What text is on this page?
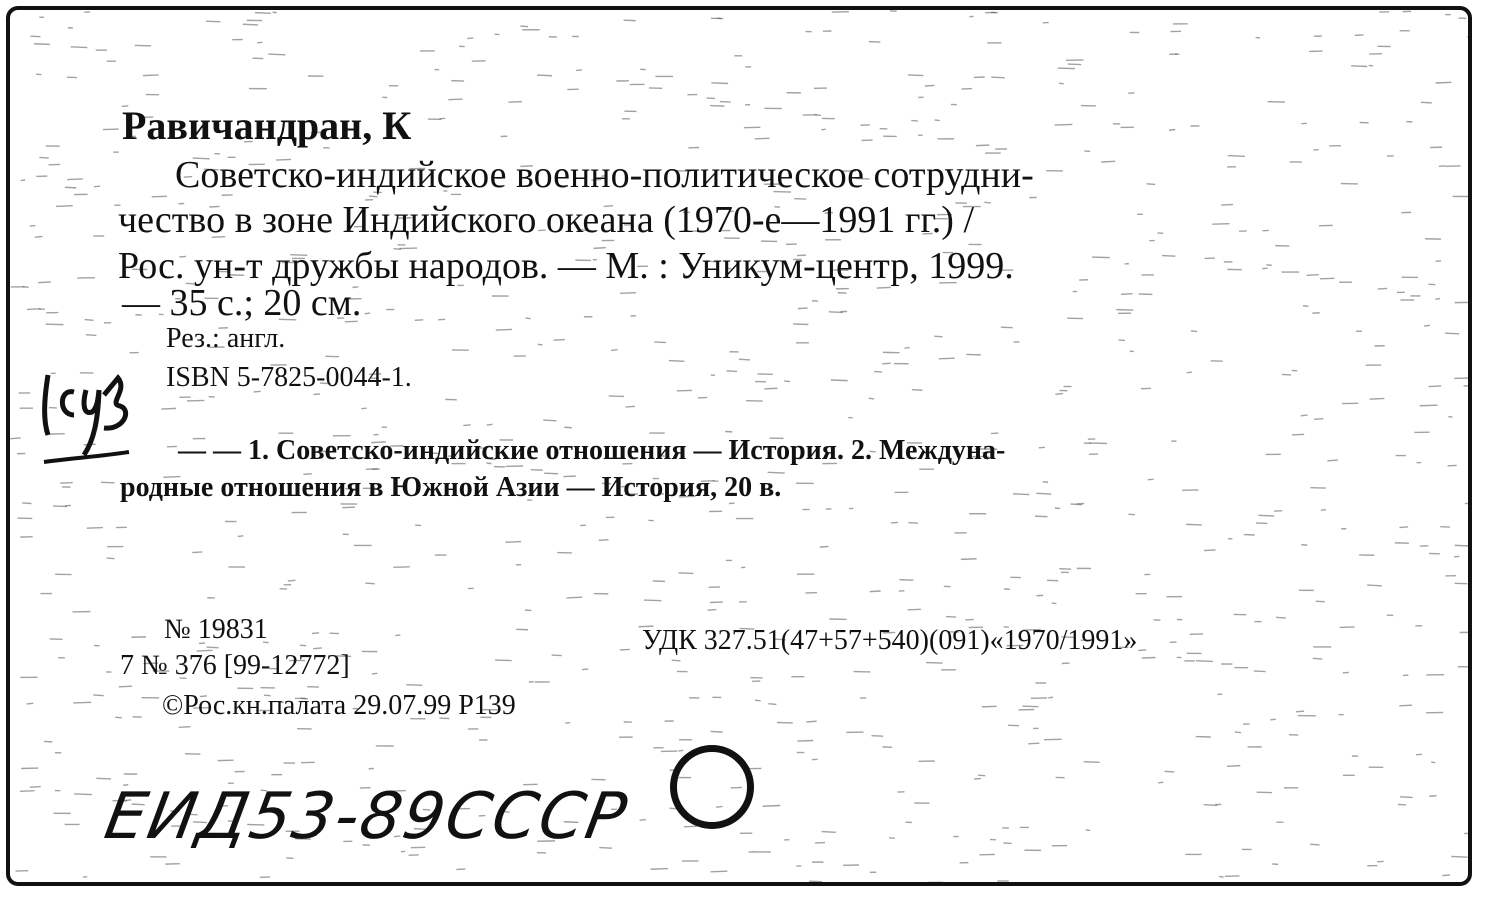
Равичандран, К
Советско-индийское военно-политическое сотрудни-
чество в зоне Индийского океана (1970-е—1991 гг.) /
Рос. ун-т дружбы народов. — М. : Уникум-центр, 1999.
— 35 с.; 20 см.
Рез.: англ.
ISBN 5-7825-0044-1.
— — 1. Советско-индийские отношения — История. 2. Междуна-
родные отношения в Южной Азии — История, 20 в.
№ 19831	УДК 327.51(47+57+540)(091)«1970/1991»
7 № 376 [99-12772]
©Рос.кн.палата 29.07.99 Р139
ЕИД53-89СССР
